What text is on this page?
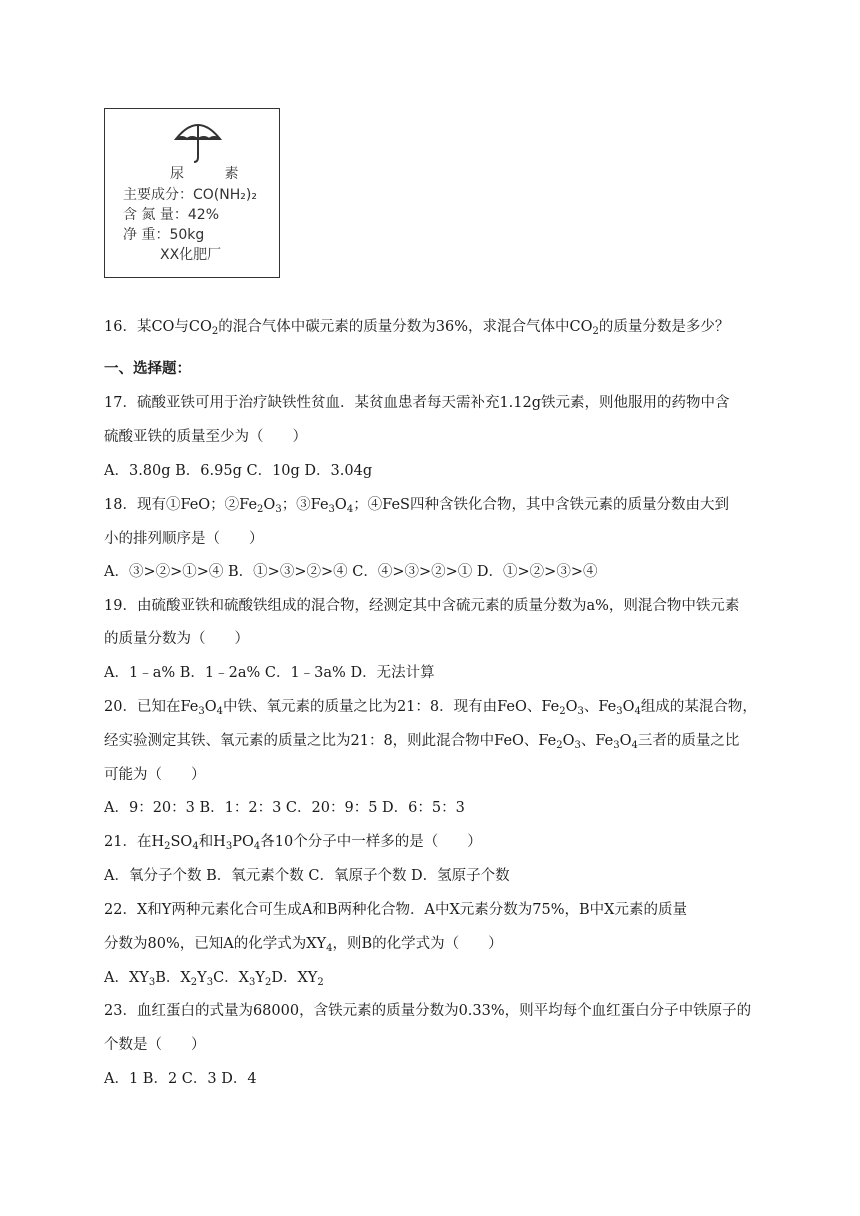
尿 素
主要成分：CO(NH₂)₂
含 氮 量：42%
净 重：50kg
XX化肥厂
16．某CO与$CO_2$的混合气体中碳元素的质量分数为36%，求混合气体中$CO_2$的质量分数是多少？
一、选择题：
17．硫酸亚铁可用于治疗缺铁性贫血．某贫血患者每天需补充1.12g铁元素，则他服用的药物中含
硫酸亚铁的质量至少为（　　）
A．3.80g B．6.95g C．10g D．3.04g
18．现有①FeO；$②Fe_2O_3$；$③Fe_3O_4$；④FeS四种含铁化合物，其中含铁元素的质量分数由大到
小的排列顺序是（　　）
A．③>②>①>④ B．①>③>②>④ C．④>③>②>① D．①>②>③>④
19．由硫酸亚铁和硫酸铁组成的混合物，经测定其中含硫元素的质量分数为a%，则混合物中铁元素
的质量分数为（　　）
A．1﹣a% B．1﹣2a% C．1﹣3a% D．无法计算
20．已知在$Fe_3O_4$中铁、氧元素的质量之比为21：8．现有由FeO、$Fe_2O_3$、$Fe_3O_4$组成的某混合物，
经实验测定其铁、氧元素的质量之比为21：8，则此混合物中FeO、$Fe_2O_3$、$Fe_3O_4$三者的质量之比
可能为（　　）
A．9：20：3 B．1：2：3 C．20：9：5 D．6：5：3
21．在$H_2SO_4$和$H_3PO_4$各10个分子中一样多的是（　　）
A．氧分子个数 B．氧元素个数 C．氧原子个数 D．氢原子个数
22．X和Y两种元素化合可生成A和B两种化合物．A中X元素分数为75%，B中X元素的质量
分数为80%，已知A的化学式为$XY_4$，则B的化学式为（　　）
A．$XY_3B$．$X_2Y_3C$．$X_3Y_2D$．$XY_2$
23．血红蛋白的式量为68000，含铁元素的质量分数为0.33%，则平均每个血红蛋白分子中铁原子的
个数是（　　）
A．1 B．2 C．3 D．4
